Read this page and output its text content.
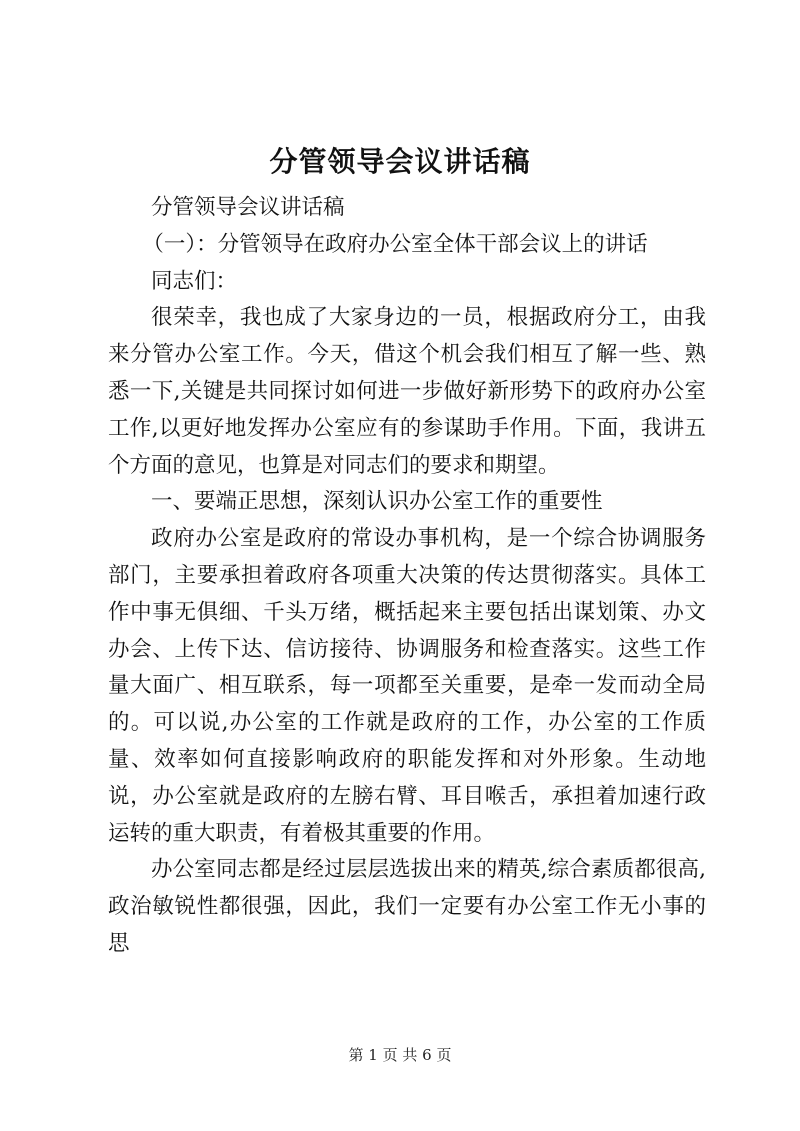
分管领导会议讲话稿

分管领导会议讲话稿

（一）：分管领导在政府办公室全体干部会议上的讲话

同志们：

很荣幸，我也成了大家身边的一员，根据政府分工，由我来分管办公室工作。今天，借这个机会我们相互了解一些、熟悉一下,关键是共同探讨如何进一步做好新形势下的政府办公室工作,以更好地发挥办公室应有的参谋助手作用。下面，我讲五个方面的意见，也算是对同志们的要求和期望。

一、要端正思想，深刻认识办公室工作的重要性

政府办公室是政府的常设办事机构，是一个综合协调服务部门，主要承担着政府各项重大决策的传达贯彻落实。具体工作中事无俱细、千头万绪，概括起来主要包括出谋划策、办文办会、上传下达、信访接待、协调服务和检查落实。这些工作量大面广、相互联系，每一项都至关重要，是牵一发而动全局的。可以说,办公室的工作就是政府的工作，办公室的工作质量、效率如何直接影响政府的职能发挥和对外形象。生动地说，办公室就是政府的左膀右臂、耳目喉舌，承担着加速行政运转的重大职责，有着极其重要的作用。

办公室同志都是经过层层选拔出来的精英,综合素质都很高,政治敏锐性都很强，因此，我们一定要有办公室工作无小事的思

第 1 页 共 6 页
